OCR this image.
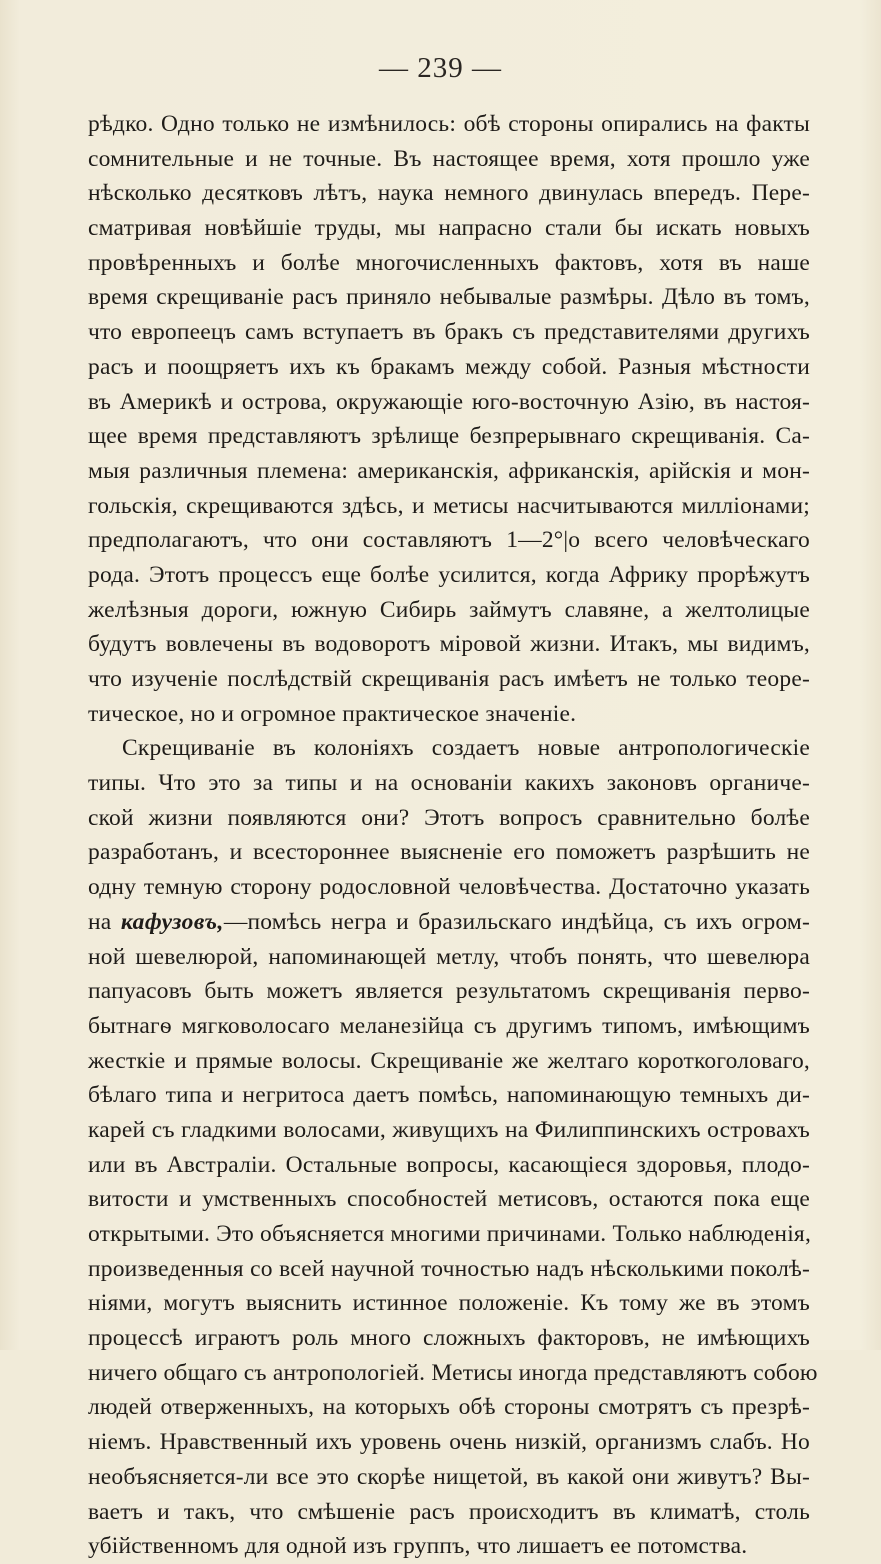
— 239 —
рѣдко. Одно только не измѣнилось: обѣ стороны опирались на факты
сомнительные и не точные. Въ настоящее время, хотя прошло уже
нѣсколько десятковъ лѣтъ, наука немного двинулась впередъ. Пере-
сматривая новѣйшіе труды, мы напрасно стали бы искать новыхъ
провѣренныхъ и болѣе многочисленныхъ фактовъ, хотя въ наше
время скрещиваніе расъ приняло небывалые размѣры. Дѣло въ томъ,
что европеецъ самъ вступаетъ въ бракъ съ представителями другихъ
расъ и поощряетъ ихъ къ бракамъ между собой. Разныя мѣстности
въ Америкѣ и острова, окружающіе юго-восточную Азію, въ настоя-
щее время представляютъ зрѣлище безпрерывнаго скрещиванія. Са-
мыя различныя племена: американскія, африканскія, арійскія и мон-
гольскія, скрещиваются здѣсь, и метисы насчитываются милліонами;
предполагаютъ, что они составляютъ 1—2°|о всего человѣческаго
рода. Этотъ процессъ еще болѣе усилится, когда Африку прорѣжутъ
желѣзныя дороги, южную Сибирь займутъ славяне, а желтолицые
будутъ вовлечены въ водоворотъ міровой жизни. Итакъ, мы видимъ,
что изученіе послѣдствій скрещиванія расъ имѣетъ не только теоре-
тическое, но и огромное практическое значеніе.
Скрещиваніе въ колоніяхъ создаетъ новые антропологическіе
типы. Что это за типы и на основаніи какихъ законовъ органиче-
ской жизни появляются они? Этотъ вопросъ сравнительно болѣе
разработанъ, и всестороннее выясненіе его поможетъ разрѣшить не
одну темную сторону родословной человѣчества. Достаточно указать
на кафузовъ,—помѣсь негра и бразильскаго индѣйца, съ ихъ огром-
ной шевелюрой, напоминающей метлу, чтобъ понять, что шевелюра
папуасовъ быть можетъ является результатомъ скрещиванія перво-
бытнагѳ мягковолосаго меланезійца съ другимъ типомъ, имѣющимъ
жесткіе и прямые волосы. Скрещиваніе же желтаго короткоголоваго,
бѣлаго типа и негритоса даетъ помѣсь, напоминающую темныхъ ди-
карей съ гладкими волосами, живущихъ на Филиппинскихъ островахъ
или въ Австраліи. Остальные вопросы, касающіеся здоровья, плодо-
витости и умственныхъ способностей метисовъ, остаются пока еще
открытыми. Это объясняется многими причинами. Только наблюденія,
произведенныя со всей научной точностью надъ нѣсколькими поколѣ-
ніями, могутъ выяснить истинное положеніе. Къ тому же въ этомъ
процессѣ играютъ роль много сложныхъ факторовъ, не имѣющихъ
ничего общаго съ антропологіей. Метисы иногда представляютъ собою
людей отверженныхъ, на которыхъ обѣ стороны смотрятъ съ презрѣ-
ніемъ. Нравственный ихъ уровень очень низкій, организмъ слабъ. Но
необъясняется-ли все это скорѣе нищетой, въ какой они живутъ? Вы-
ваетъ и такъ, что смѣшеніе расъ происходитъ въ климатѣ, столь
убійственномъ для одной изъ группъ, что лишаетъ ее потомства.
